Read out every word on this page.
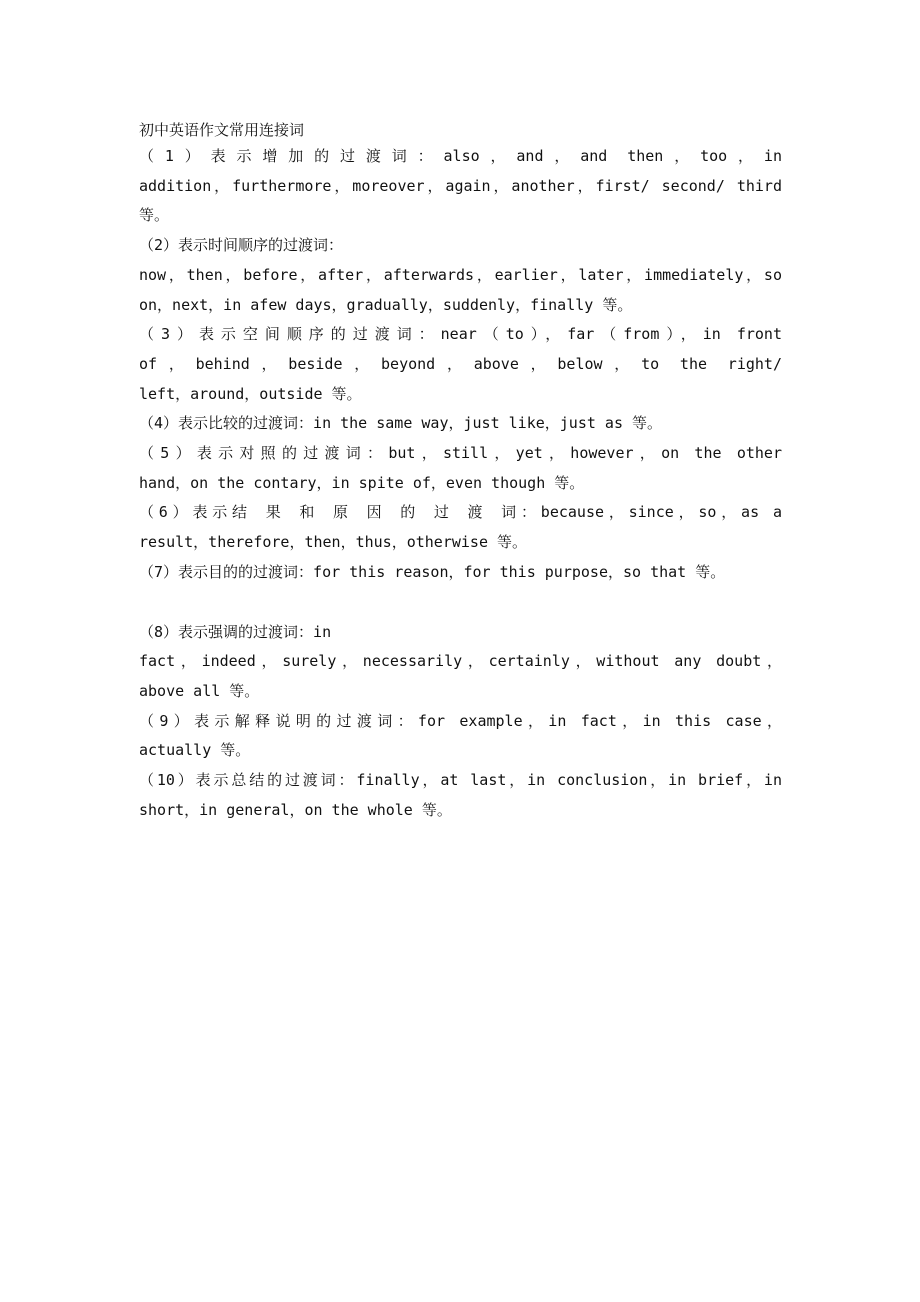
初中英语作文常用连接词

（1）表示增加的过渡词：also，and，and then，too，in
addition，furthermore，moreover，again，another，first/ second/ third
等。

（2）表示时间顺序的过渡词：
now，then，before，after，afterwards，earlier，later，immediately，so
on，next，in afew days，gradually，suddenly，finally 等。

（3）表示空间顺序的过渡词：near（to），far（from），in front
of，behind，beside，beyond，above，below，to the right/
left，around，outside 等。

（4）表示比较的过渡词：in the same way，just like，just as 等。

（5）表示对照的过渡词：but，still，yet，however，on the other
hand，on the contary，in spite of，even though 等。

（6）表示结 果 和 原 因 的 过 渡 词：because，since，so，as a
result，therefore，then，thus，otherwise 等。

（7）表示目的的过渡词：for this reason，for this purpose，so that 等。

（8）表示强调的过渡词：in
fact，indeed，surely，necessarily，certainly，without any doubt，
above all 等。

（9）表示解释说明的过渡词：for example，in fact，in this case，
actually 等。

（10）表示总结的过渡词：finally，at last，in conclusion，in brief，in
short，in general，on the whole 等。
